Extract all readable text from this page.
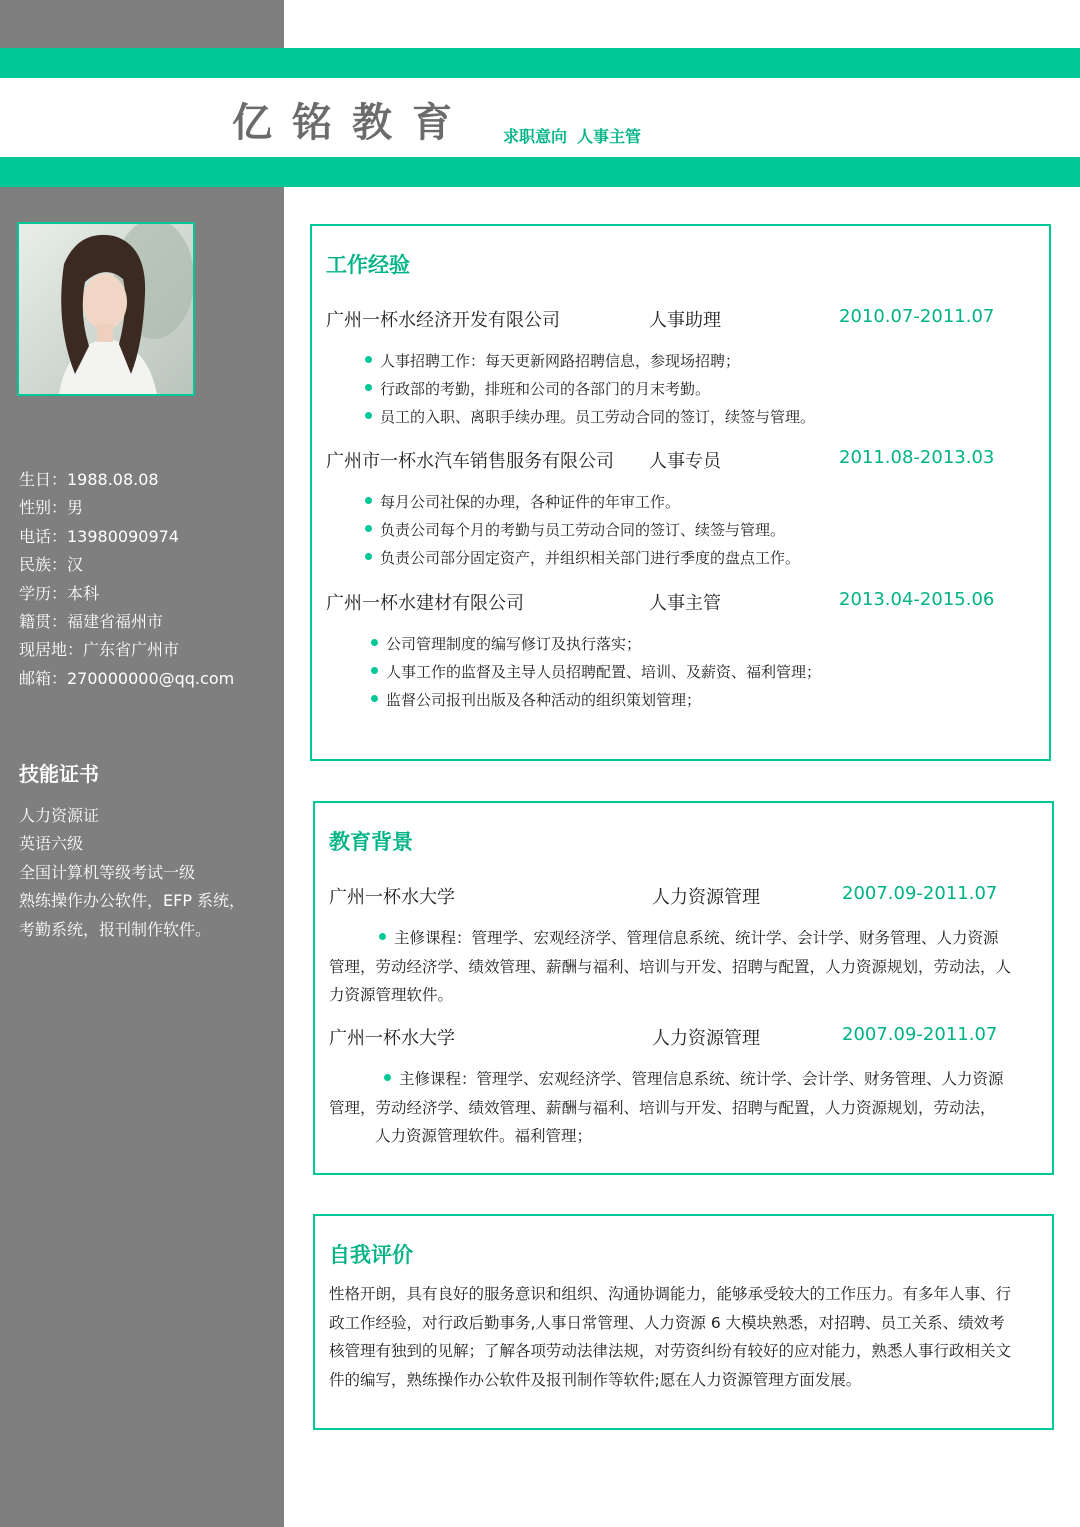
亿铭教育 求职意向 人事主管
生日：1988.08.08
性别：男
电话：13980090974
民族：汉
学历：本科
籍贯：福建省福州市
现居地：广东省广州市
邮箱：270000000@qq.com
技能证书
人力资源证
英语六级
全国计算机等级考试一级
熟练操作办公软件，EFP 系统，
考勤系统，报刊制作软件。
工作经验
广州一杯水经济开发有限公司	人事助理	2010.07-2011.07
人事招聘工作：每天更新网路招聘信息，参现场招聘；
行政部的考勤，排班和公司的各部门的月末考勤。
员工的入职、离职手续办理。员工劳动合同的签订，续签与管理。
广州市一杯水汽车销售服务有限公司 人事专员	2011.08-2013.03
每月公司社保的办理，各种证件的年审工作。
负责公司每个月的考勤与员工劳动合同的签订、续签与管理。
负责公司部分固定资产，并组织相关部门进行季度的盘点工作。
广州一杯水建材有限公司	人事主管	2013.04-2015.06
公司管理制度的编写修订及执行落实；
人事工作的监督及主导人员招聘配置、培训、及薪资、福利管理；
监督公司报刊出版及各种活动的组织策划管理；
教育背景
广州一杯水大学	人力资源管理	2007.09-2011.07
主修课程：管理学、宏观经济学、管理信息系统、统计学、会计学、财务管理、人力资源
管理，劳动经济学、绩效管理、薪酬与福利、培训与开发、招聘与配置，人力资源规划，劳动法，人
力资源管理软件。
广州一杯水大学	人力资源管理	2007.09-2011.07
主修课程：管理学、宏观经济学、管理信息系统、统计学、会计学、财务管理、人力资源
管理，劳动经济学、绩效管理、薪酬与福利、培训与开发、招聘与配置，人力资源规划，劳动法，
人力资源管理软件。福利管理；
自我评价
性格开朗，具有良好的服务意识和组织、沟通协调能力，能够承受较大的工作压力。有多年人事、行
政工作经验，对行政后勤事务,人事日常管理、人力资源 6 大模块熟悉，对招聘、员工关系、绩效考
核管理有独到的见解；了解各项劳动法律法规，对劳资纠纷有较好的应对能力，熟悉人事行政相关文
件的编写，熟练操作办公软件及报刊制作等软件;愿在人力资源管理方面发展。
